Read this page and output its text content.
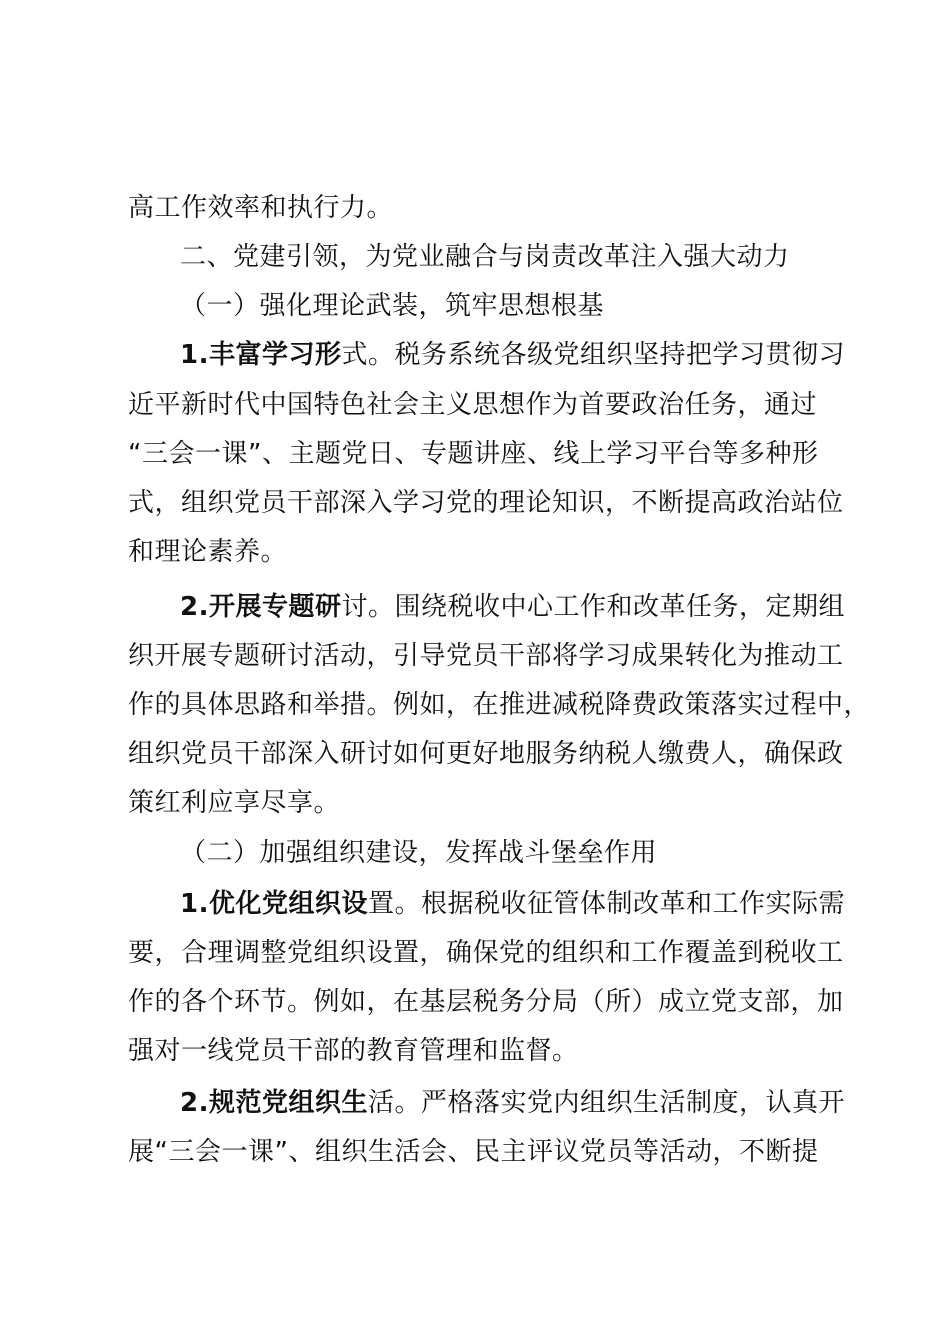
高工作效率和执行力。
二、党建引领，为党业融合与岗责改革注入强大动力
（一）强化理论武装，筑牢思想根基
1.丰富学习形式。税务系统各级党组织坚持把学习贯彻习
近平新时代中国特色社会主义思想作为首要政治任务，通过
“三会一课”、主题党日、专题讲座、线上学习平台等多种形
式，组织党员干部深入学习党的理论知识，不断提高政治站位
和理论素养。
2.开展专题研讨。围绕税收中心工作和改革任务，定期组
织开展专题研讨活动，引导党员干部将学习成果转化为推动工
作的具体思路和举措。例如，在推进减税降费政策落实过程中，
组织党员干部深入研讨如何更好地服务纳税人缴费人，确保政
策红利应享尽享。
（二）加强组织建设，发挥战斗堡垒作用
1.优化党组织设置。根据税收征管体制改革和工作实际需
要，合理调整党组织设置，确保党的组织和工作覆盖到税收工
作的各个环节。例如，在基层税务分局（所）成立党支部，加
强对一线党员干部的教育管理和监督。
2.规范党组织生活。严格落实党内组织生活制度，认真开
展“三会一课”、组织生活会、民主评议党员等活动，不断提
